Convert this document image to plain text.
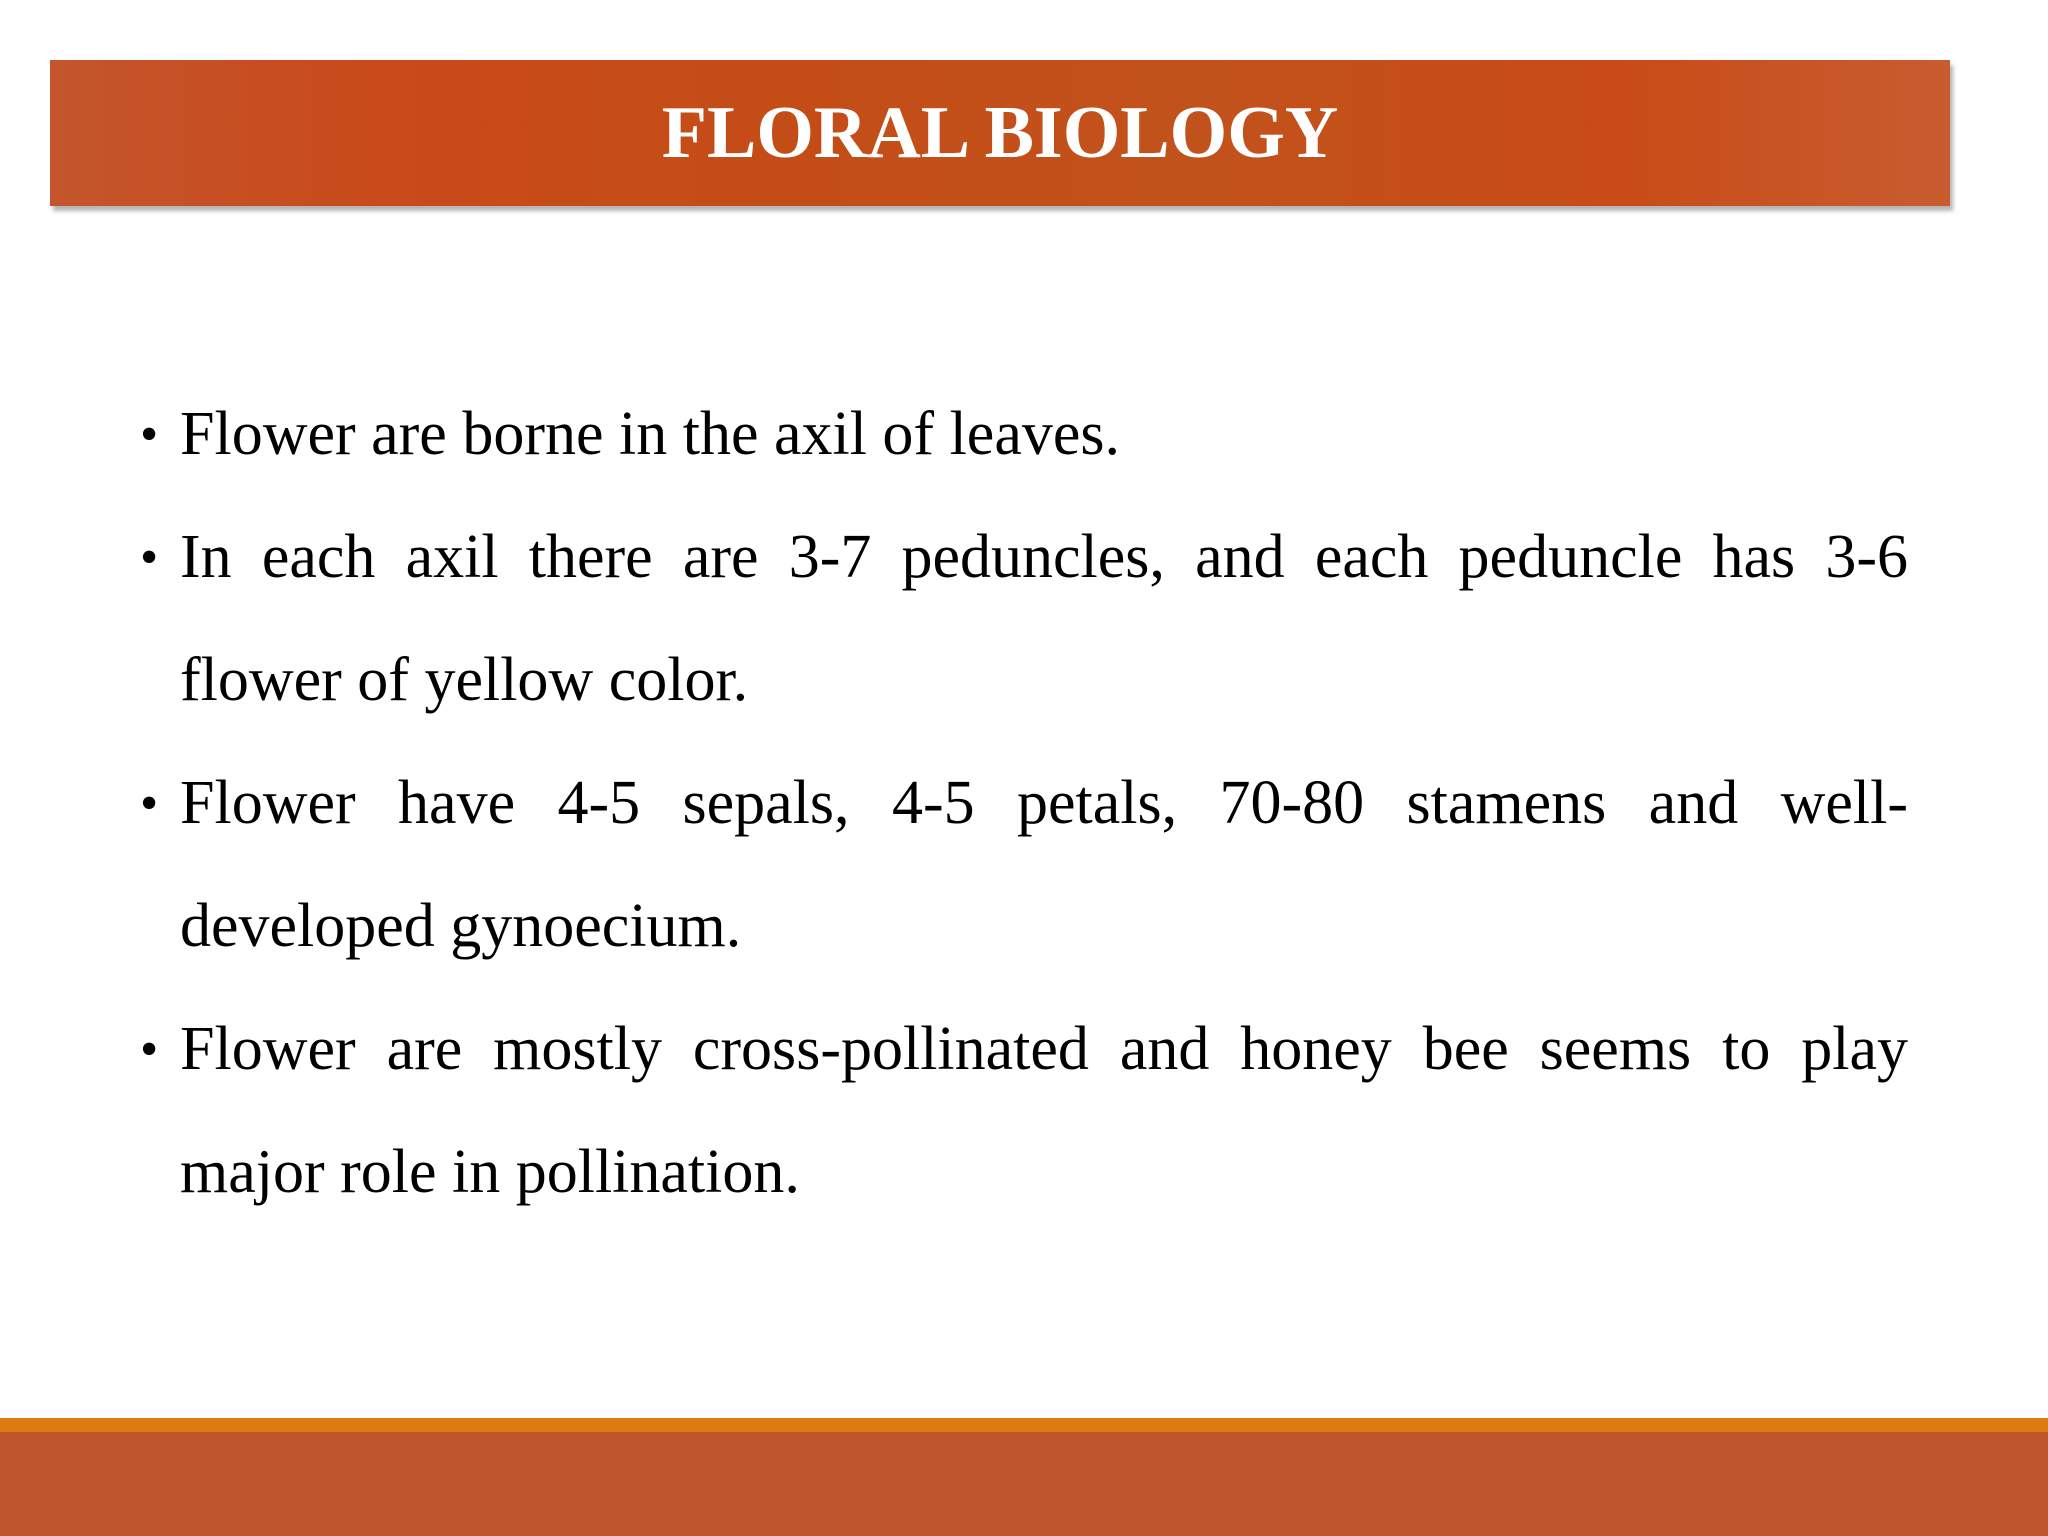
FLORAL BIOLOGY
• Flower are borne in the axil of leaves.
• In each axil there are 3-7 peduncles, and each peduncle has 3-6 flower of yellow color.
• Flower have 4-5 sepals, 4-5 petals, 70-80 stamens and well-developed gynoecium.
• Flower are mostly cross-pollinated and honey bee seems to play major role in pollination.
